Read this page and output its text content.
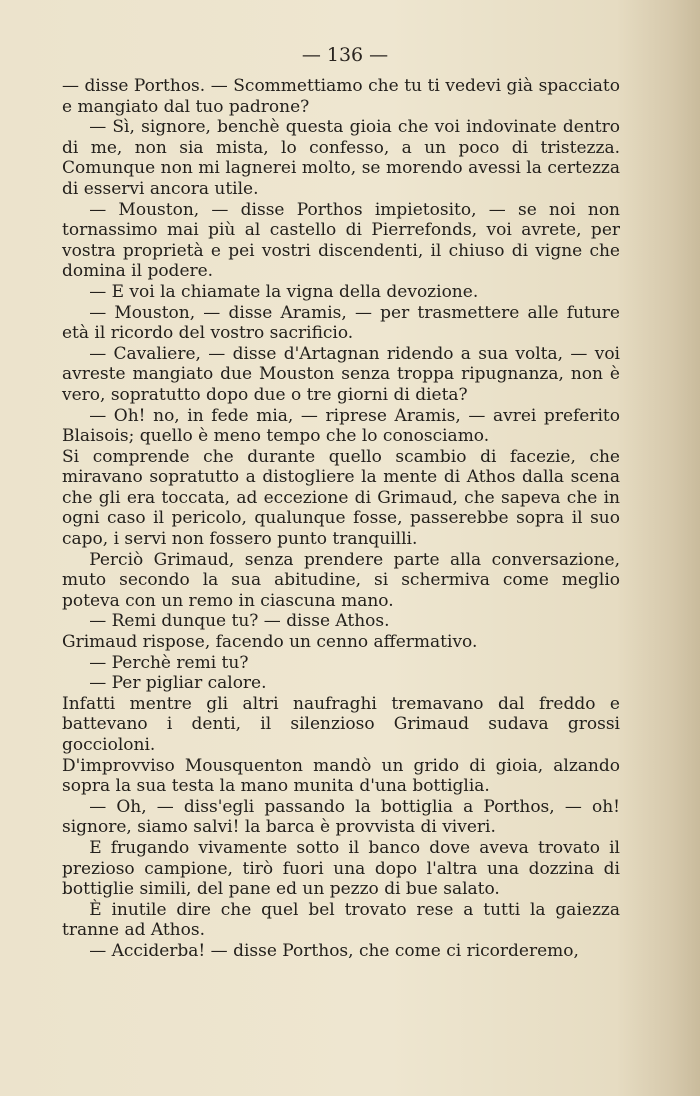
— 136 —

— disse Porthos. — Scommettiamo che tu ti vedevi già spacciato e mangiato dal tuo padrone?

— Sì, signore, benchè questa gioia che voi indovinate dentro di me, non sia mista, lo confesso, a un poco di tristezza. Comunque non mi lagnerei molto, se morendo avessi la certezza di esservi ancora utile.

— Mouston, — disse Porthos impietosito, — se noi non tornassimo mai più al castello di Pierrefonds, voi avrete, per vostra proprietà e pei vostri discendenti, il chiuso di vigne che domina il podere.

— E voi la chiamate la vigna della devozione.

— Mouston, — disse Aramis, — per trasmettere alle future età il ricordo del vostro sacrificio.

— Cavaliere, — disse d'Artagnan ridendo a sua volta, — voi avreste mangiato due Mouston senza troppa ripugnanza, non è vero, sopratutto dopo due o tre giorni di dieta?

— Oh! no, in fede mia, — riprese Aramis, — avrei preferito Blaisois; quello è meno tempo che lo conosciamo.

Si comprende che durante quello scambio di facezie, che miravano sopratutto a distogliere la mente di Athos dalla scena che gli era toccata, ad eccezione di Grimaud, che sapeva che in ogni caso il pericolo, qualunque fosse, passerebbe sopra il suo capo, i servi non fossero punto tranquilli.

Perciò Grimaud, senza prendere parte alla conversazione, muto secondo la sua abitudine, si schermiva come meglio poteva con un remo in ciascuna mano.

— Remi dunque tu? — disse Athos.

Grimaud rispose, facendo un cenno affermativo.

— Perchè remi tu?

— Per pigliar calore.

Infatti mentre gli altri naufraghi tremavano dal freddo e battevano i denti, il silenzioso Grimaud sudava grossi goccioloni.

D'improvviso Mousquenton mandò un grido di gioia, alzando sopra la sua testa la mano munita d'una bottiglia.

— Oh, — diss'egli passando la bottiglia a Porthos, — oh! signore, siamo salvi! la barca è provvista di viveri.

E frugando vivamente sotto il banco dove aveva trovato il prezioso campione, tirò fuori una dopo l'altra una dozzina di bottiglie simili, del pane ed un pezzo di bue salato.

È inutile dire che quel bel trovato rese a tutti la gaiezza tranne ad Athos.

— Acciderba! — disse Porthos, che come ci ricorderemo,
